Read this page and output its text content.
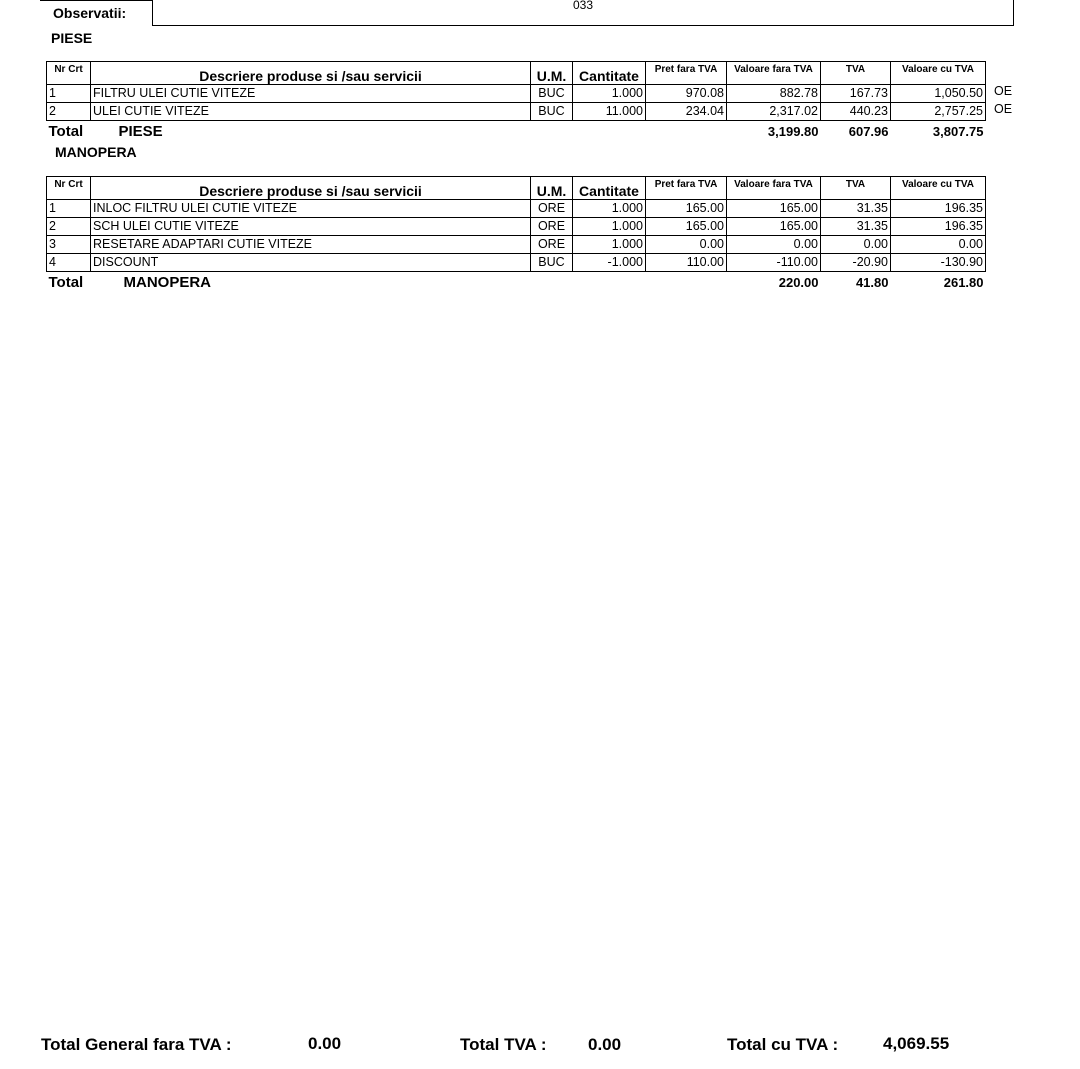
Observatii:	033
PIESE
Nr Crt	Descriere produse si /sau servicii	U.M.	Cantitate	Pret fara TVA	Valoare fara TVA	TVA	Valoare cu TVA
1	FILTRU ULEI CUTIE VITEZE	BUC	1.000	970.08	882.78	167.73	1,050.50
2	ULEI CUTIE VITEZE	BUC	11.000	234.04	2,317.02	440.23	2,757.25
Total	PIESE				3,199.80	607.96	3,807.75
OE
OE
MANOPERA
Nr Crt	Descriere produse si /sau servicii	U.M.	Cantitate	Pret fara TVA	Valoare fara TVA	TVA	Valoare cu TVA
1	INLOC FILTRU ULEI CUTIE VITEZE	ORE	1.000	165.00	165.00	31.35	196.35
2	SCH ULEI CUTIE VITEZE	ORE	1.000	165.00	165.00	31.35	196.35
3	RESETARE ADAPTARI CUTIE VITEZE	ORE	1.000	0.00	0.00	0.00	0.00
4	DISCOUNT	BUC	-1.000	110.00	-110.00	-20.90	-130.90
Total	MANOPERA				220.00	41.80	261.80
Total General fara TVA :	0.00	Total TVA : 0.00	Total cu TVA :	4,069.55
